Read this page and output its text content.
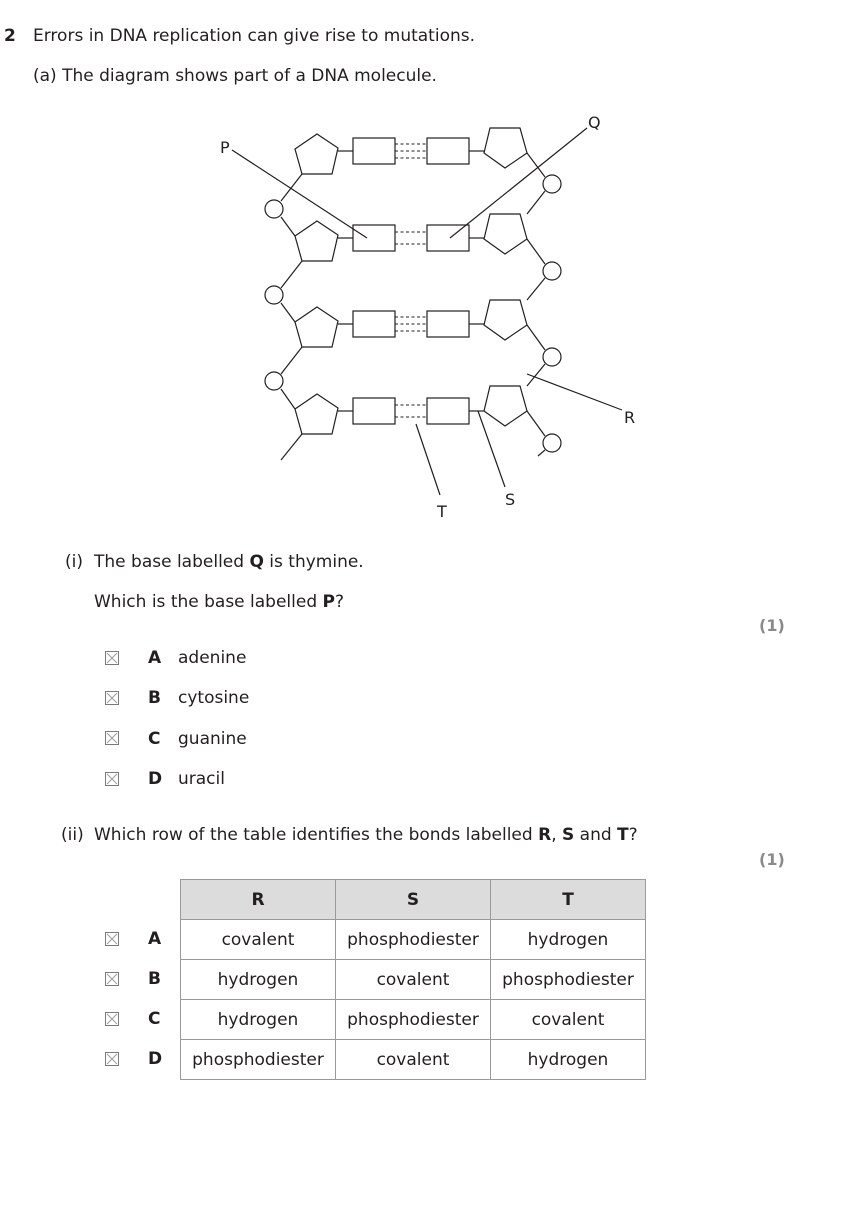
2 Errors in DNA replication can give rise to mutations.
(a) The diagram shows part of a DNA molecule.
P
Q
R
S
T
(i) The base labelled Q is thymine.
Which is the base labelled P?
(1)
A adenine
B cytosine
C guanine
D uracil
(ii) Which row of the table identifies the bonds labelled R, S and T?
(1)
R	S	T
covalent	phosphodiester	hydrogen
hydrogen	covalent	phosphodiester
hydrogen	phosphodiester	covalent
phosphodiester	covalent	hydrogen
A
B
C
D
